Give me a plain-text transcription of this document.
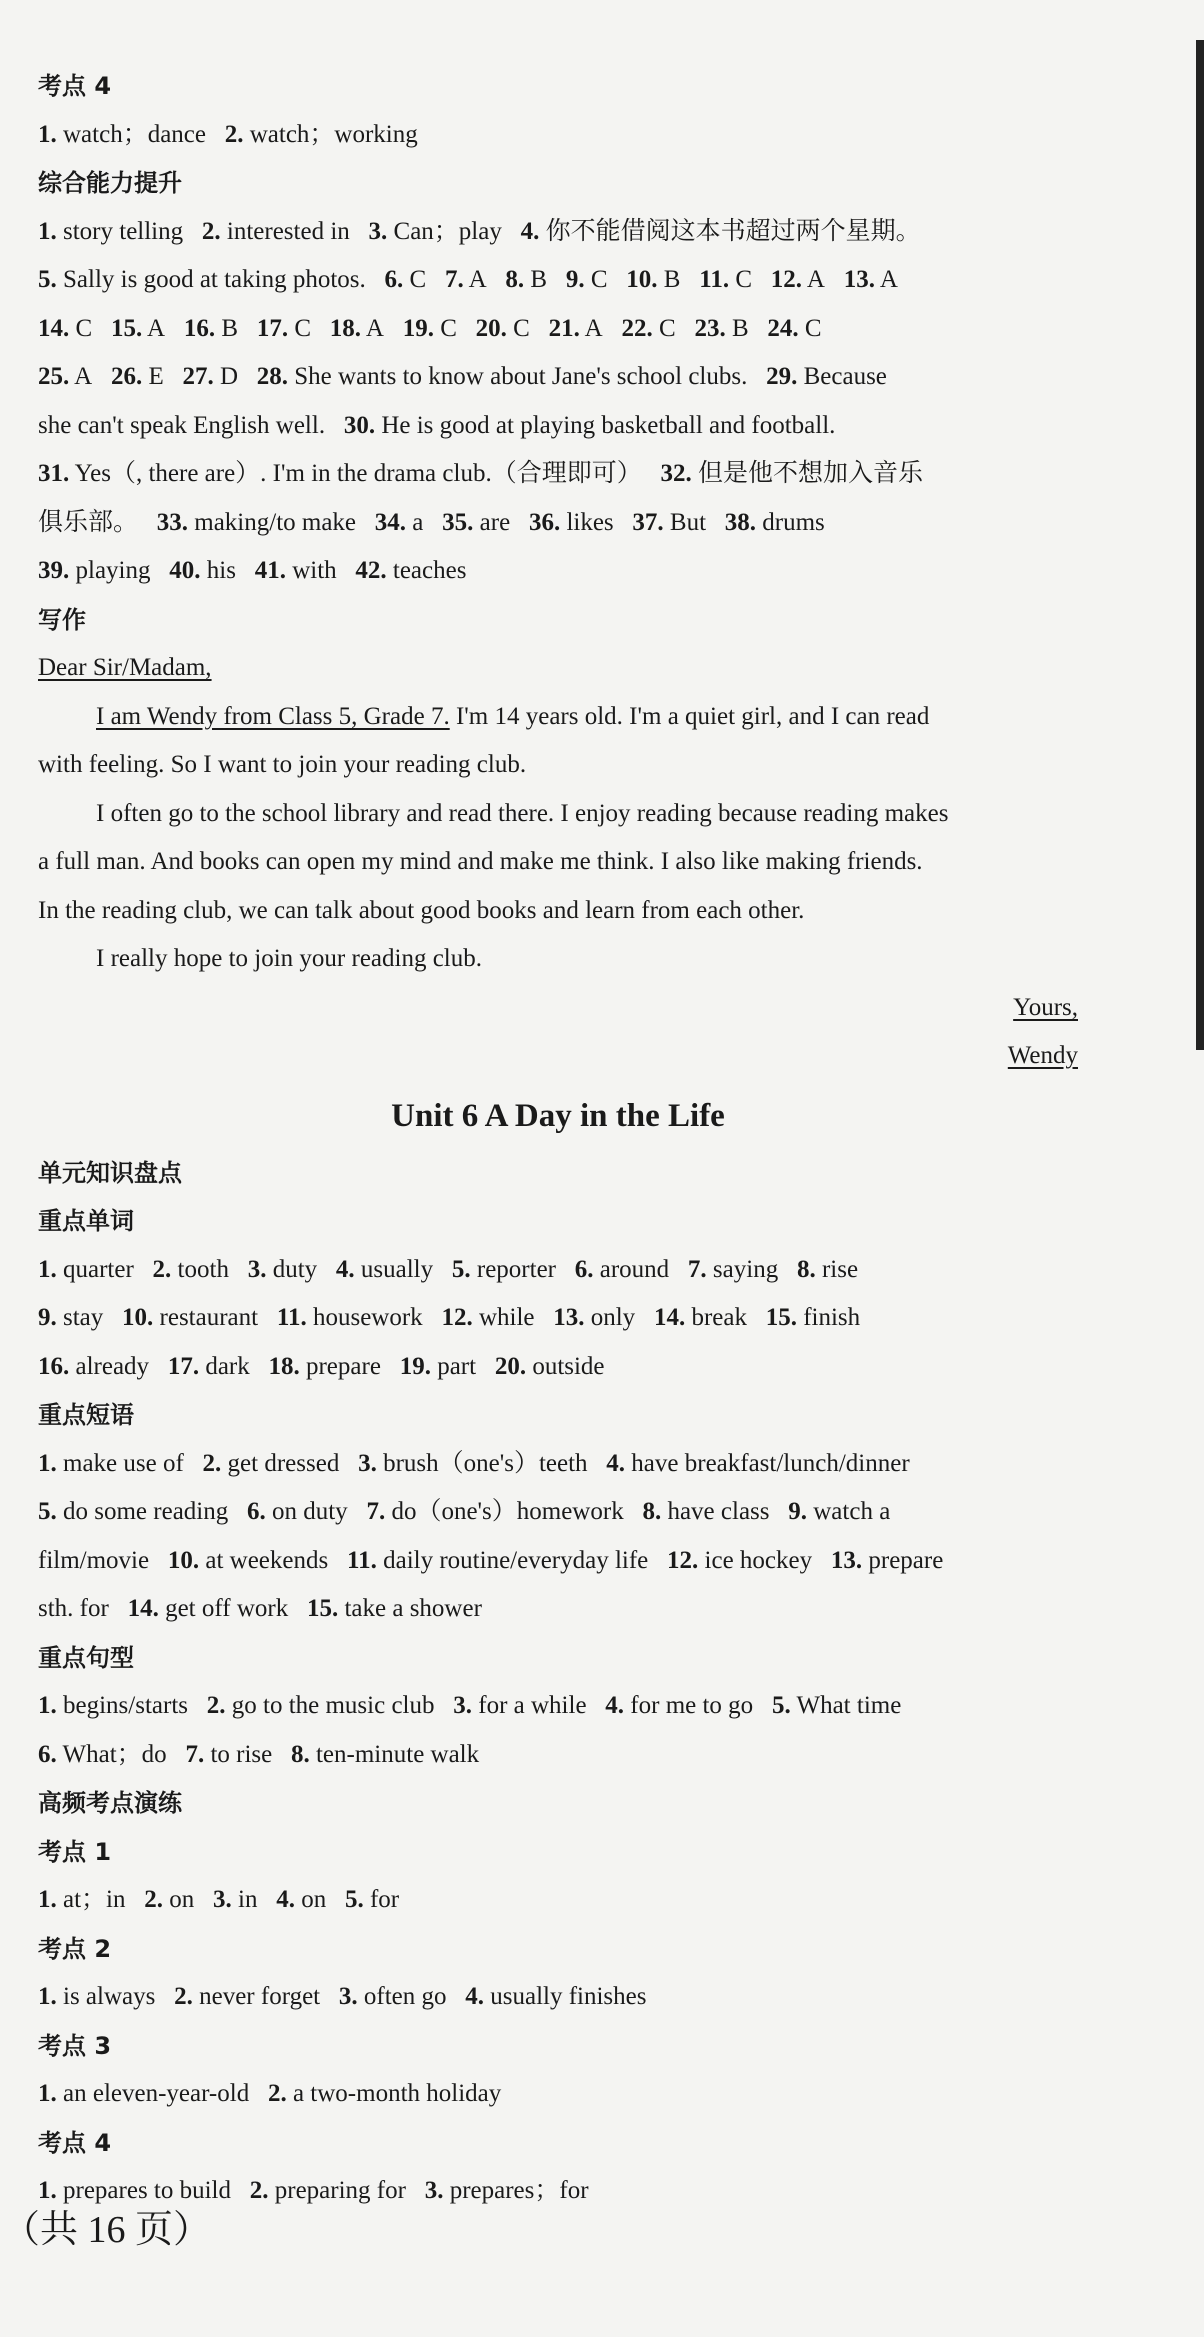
考点 4
1. watch；dance 2. watch；working
综合能力提升
1. story telling 2. interested in 3. Can；play 4. 你不能借阅这本书超过两个星期。
5. Sally is good at taking photos. 6. C 7. A 8. B 9. C 10. B 11. C 12. A 13. A
14. C 15. A 16. B 17. C 18. A 19. C 20. C 21. A 22. C 23. B 24. C
25. A 26. E 27. D 28. She wants to know about Jane's school clubs. 29. Because
she can't speak English well. 30. He is good at playing basketball and football.
31. Yes（, there are）. I'm in the drama club.（合理即可） 32. 但是他不想加入音乐
俱乐部。 33. making/to make 34. a 35. are 36. likes 37. But 38. drums
39. playing 40. his 41. with 42. teaches
写作
Dear Sir/Madam,
I am Wendy from Class 5, Grade 7. I'm 14 years old. I'm a quiet girl, and I can read
with feeling. So I want to join your reading club.
I often go to the school library and read there. I enjoy reading because reading makes
a full man. And books can open my mind and make me think. I also like making friends.
In the reading club, we can talk about good books and learn from each other.
I really hope to join your reading club.
Yours,
Wendy
Unit 6 A Day in the Life
单元知识盘点
重点单词
1. quarter 2. tooth 3. duty 4. usually 5. reporter 6. around 7. saying 8. rise
9. stay 10. restaurant 11. housework 12. while 13. only 14. break 15. finish
16. already 17. dark 18. prepare 19. part 20. outside
重点短语
1. make use of 2. get dressed 3. brush（one's）teeth 4. have breakfast/lunch/dinner
5. do some reading 6. on duty 7. do（one's）homework 8. have class 9. watch a
film/movie 10. at weekends 11. daily routine/everyday life 12. ice hockey 13. prepare
sth. for 14. get off work 15. take a shower
重点句型
1. begins/starts 2. go to the music club 3. for a while 4. for me to go 5. What time
6. What；do 7. to rise 8. ten-minute walk
高频考点演练
考点 1
1. at；in 2. on 3. in 4. on 5. for
考点 2
1. is always 2. never forget 3. often go 4. usually finishes
考点 3
1. an eleven-year-old 2. a two-month holiday
考点 4
1. prepares to build 2. preparing for 3. prepares；for
（共 16 页）
